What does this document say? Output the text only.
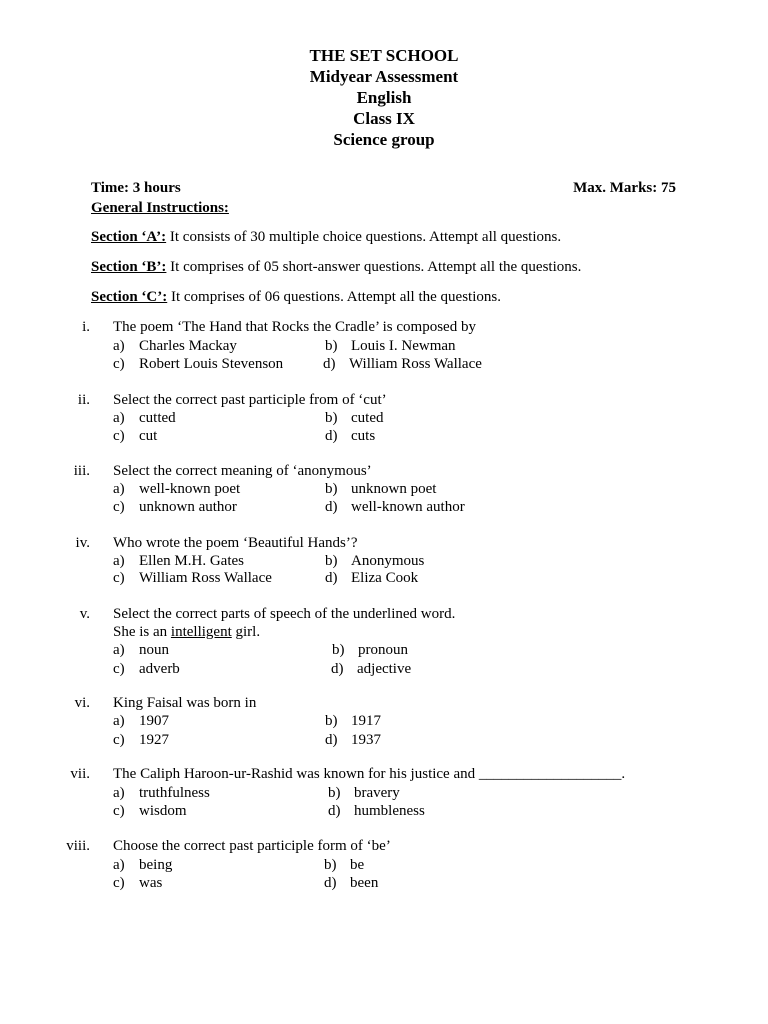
THE SET SCHOOL
Midyear Assessment
English
Class IX
Science group
Time: 3 hours	Max. Marks: 75
General Instructions:
Section ‘A’: It consists of 30 multiple choice questions. Attempt all questions.
Section ‘B’: It comprises of 05 short-answer questions. Attempt all the questions.
Section ‘C’: It comprises of 06 questions. Attempt all the questions.
i. The poem ‘The Hand that Rocks the Cradle’ is composed by
a) Charles Mackay	b) Louis I. Newman
c) Robert Louis Stevenson	d) William Ross Wallace
ii. Select the correct past participle from of ‘cut’
a) cutted	b) cuted
c) cut	d) cuts
iii. Select the correct meaning of ‘anonymous’
a) well-known poet	b) unknown poet
c) unknown author	d) well-known author
iv. Who wrote the poem ‘Beautiful Hands’?
a) Ellen M.H. Gates	b) Anonymous
c) William Ross Wallace	d) Eliza Cook
v. Select the correct parts of speech of the underlined word.
She is an intelligent girl.
a) noun	b) pronoun
c) adverb	d) adjective
vi. King Faisal was born in
a) 1907	b) 1917
c) 1927	d) 1937
vii. The Caliph Haroon-ur-Rashid was known for his justice and ___________________.
a) truthfulness	b) bravery
c) wisdom	d) humbleness
viii. Choose the correct past participle form of ‘be’
a) being	b) be
c) was	d) been
